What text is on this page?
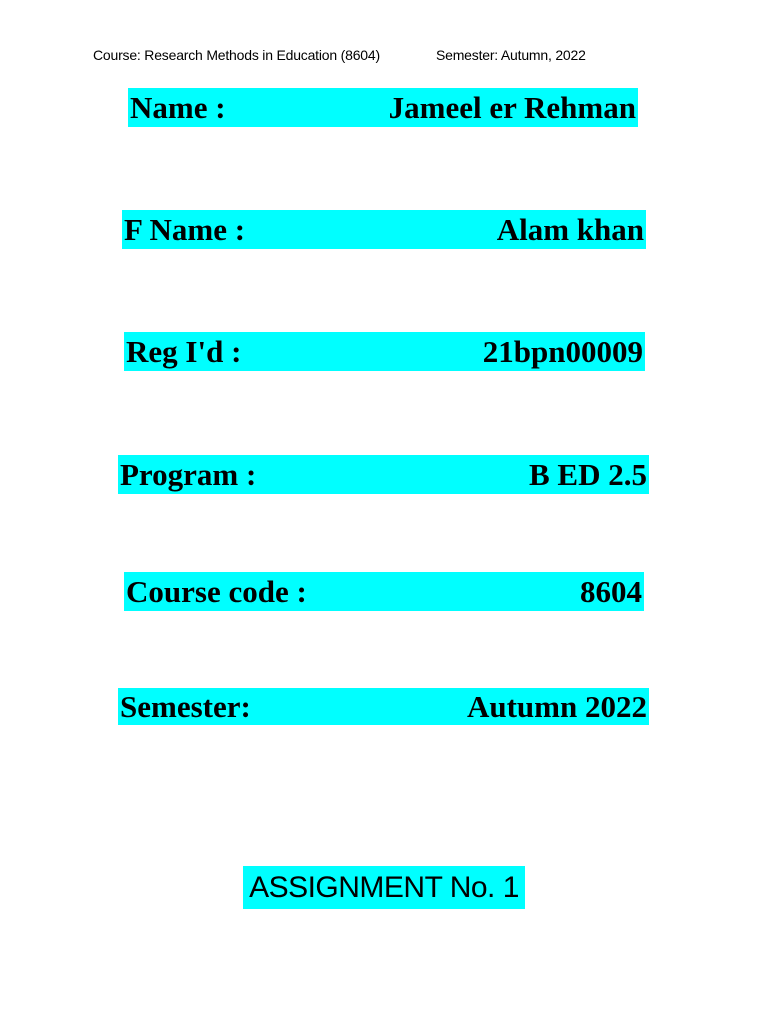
Course: Research Methods in Education (8604)	Semester: Autumn, 2022
Name :	Jameel er Rehman
F Name :	Alam khan
Reg I'd :	21bpn00009
Program :	B ED 2.5
Course code :	8604
Semester:	Autumn 2022
ASSIGNMENT No. 1
